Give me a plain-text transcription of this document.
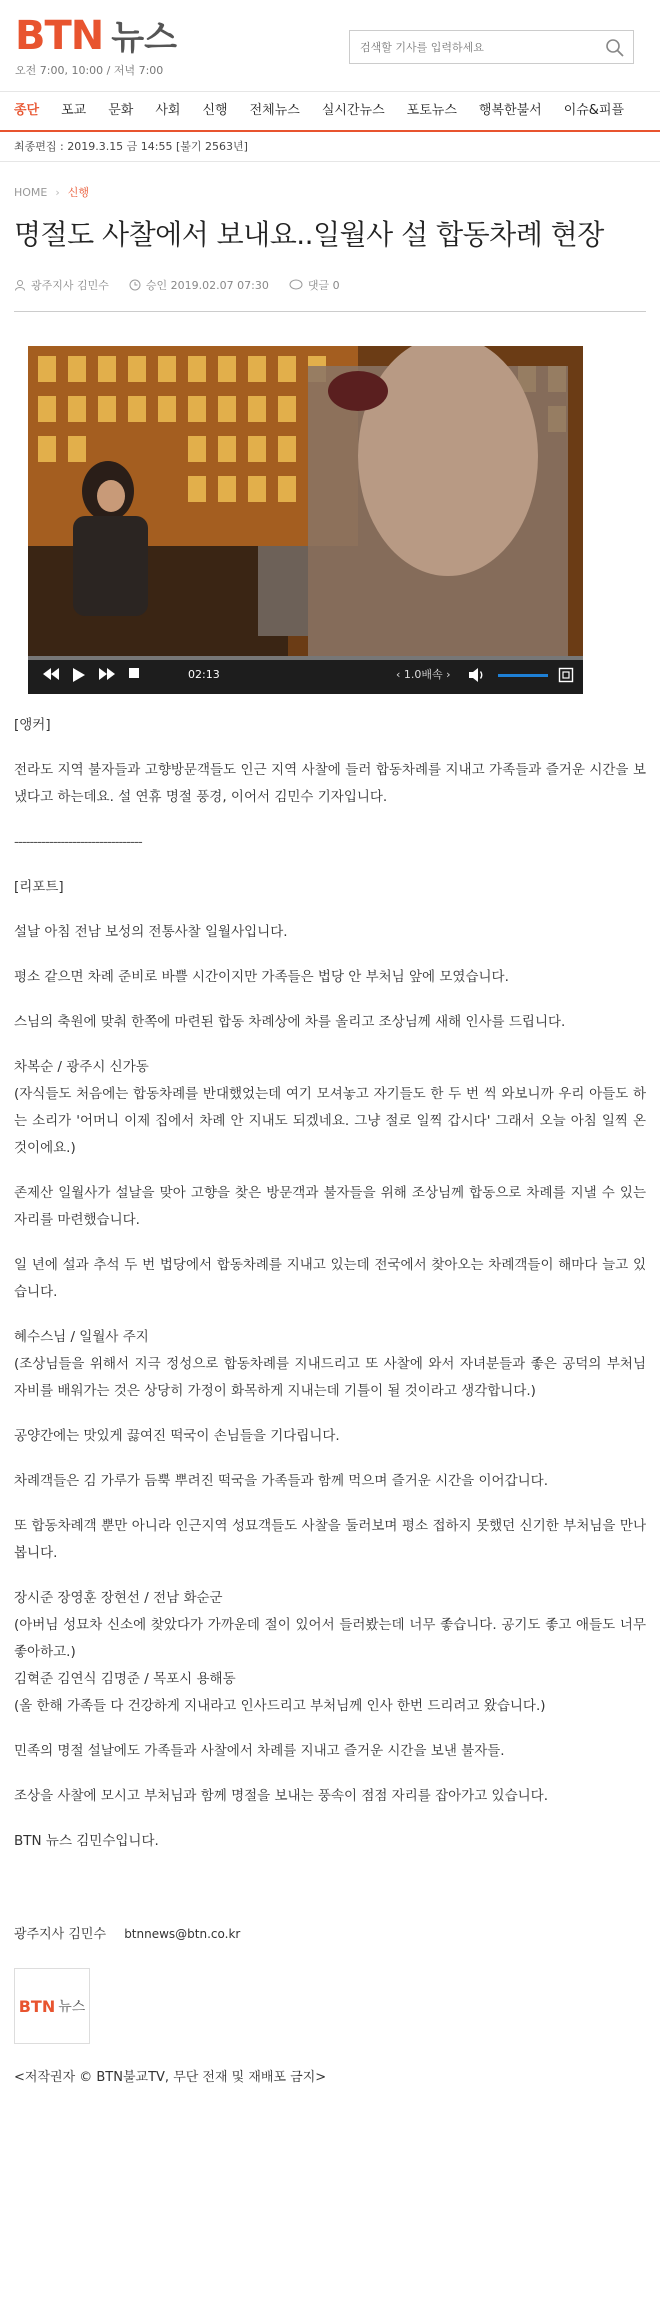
BTN 뉴스
오전 7:00, 10:00 / 저녁 7:00
검색할 기사를 입력하세요
종단 포교 문화 사회 신행 전체뉴스 실시간뉴스 포토뉴스 행복한불서 이슈&피플
최종편집 : 2019.3.15 금 14:55 [불기 2563년]
HOME › 신행
명절도 사찰에서 보내요..일월사 설 합동차례 현장
광주지사 김민수	승인 2019.02.07 07:30	댓글 0
02:13	‹ 1.0배속 ›

[앵커]

전라도 지역 불자들과 고향방문객들도 인근 지역 사찰에 들러 합동차례를 지내고 가족들과 즐거운 시간을 보냈다고 하는데요. 설 연휴 명절 풍경, 이어서 김민수 기자입니다.

---------------------------------

[리포트]

설날 아침 전남 보성의 전통사찰 일월사입니다.

평소 같으면 차례 준비로 바쁠 시간이지만 가족들은 법당 안 부처님 앞에 모였습니다.

스님의 축원에 맞춰 한쪽에 마련된 합동 차례상에 차를 올리고 조상님께 새해 인사를 드립니다.

차복순 / 광주시 신가동
(자식들도 처음에는 합동차례를 반대했었는데 여기 모셔놓고 자기들도 한 두 번 씩 와보니까 우리 아들도 하는 소리가 '어머니 이제 집에서 차례 안 지내도 되겠네요. 그냥 절로 일찍 갑시다' 그래서 오늘 아침 일찍 온 것이에요.)

존제산 일월사가 설날을 맞아 고향을 찾은 방문객과 불자들을 위해 조상님께 합동으로 차례를 지낼 수 있는 자리를 마련했습니다.

일 년에 설과 추석 두 번 법당에서 합동차례를 지내고 있는데 전국에서 찾아오는 차례객들이 해마다 늘고 있습니다.

혜수스님 / 일월사 주지
(조상님들을 위해서 지극 정성으로 합동차례를 지내드리고 또 사찰에 와서 자녀분들과 좋은 공덕의 부처님 자비를 배워가는 것은 상당히 가정이 화목하게 지내는데 기틀이 될 것이라고 생각합니다.)

공양간에는 맛있게 끓여진 떡국이 손님들을 기다립니다.

차례객들은 김 가루가 듬뿍 뿌려진 떡국을 가족들과 함께 먹으며 즐거운 시간을 이어갑니다.

또 합동차례객 뿐만 아니라 인근지역 성묘객들도 사찰을 둘러보며 평소 접하지 못했던 신기한 부처님을 만나봅니다.

장시준 장영훈 장현선 / 전남 화순군
(아버님 성묘차 신소에 찾았다가 가까운데 절이 있어서 들러봤는데 너무 좋습니다. 공기도 좋고 애들도 너무 좋아하고.)
김혁준 김연식 김명준 / 목포시 용해동
(올 한해 가족들 다 건강하게 지내라고 인사드리고 부처님께 인사 한번 드리려고 왔습니다.)

민족의 명절 설날에도 가족들과 사찰에서 차례를 지내고 즐거운 시간을 보낸 불자들.

조상을 사찰에 모시고 부처님과 함께 명절을 보내는 풍속이 점점 자리를 잡아가고 있습니다.

BTN 뉴스 김민수입니다.

광주지사 김민수 btnnews@btn.co.kr
BTN 뉴스
<저작권자 © BTN불교TV, 무단 전재 및 재배포 금지>
